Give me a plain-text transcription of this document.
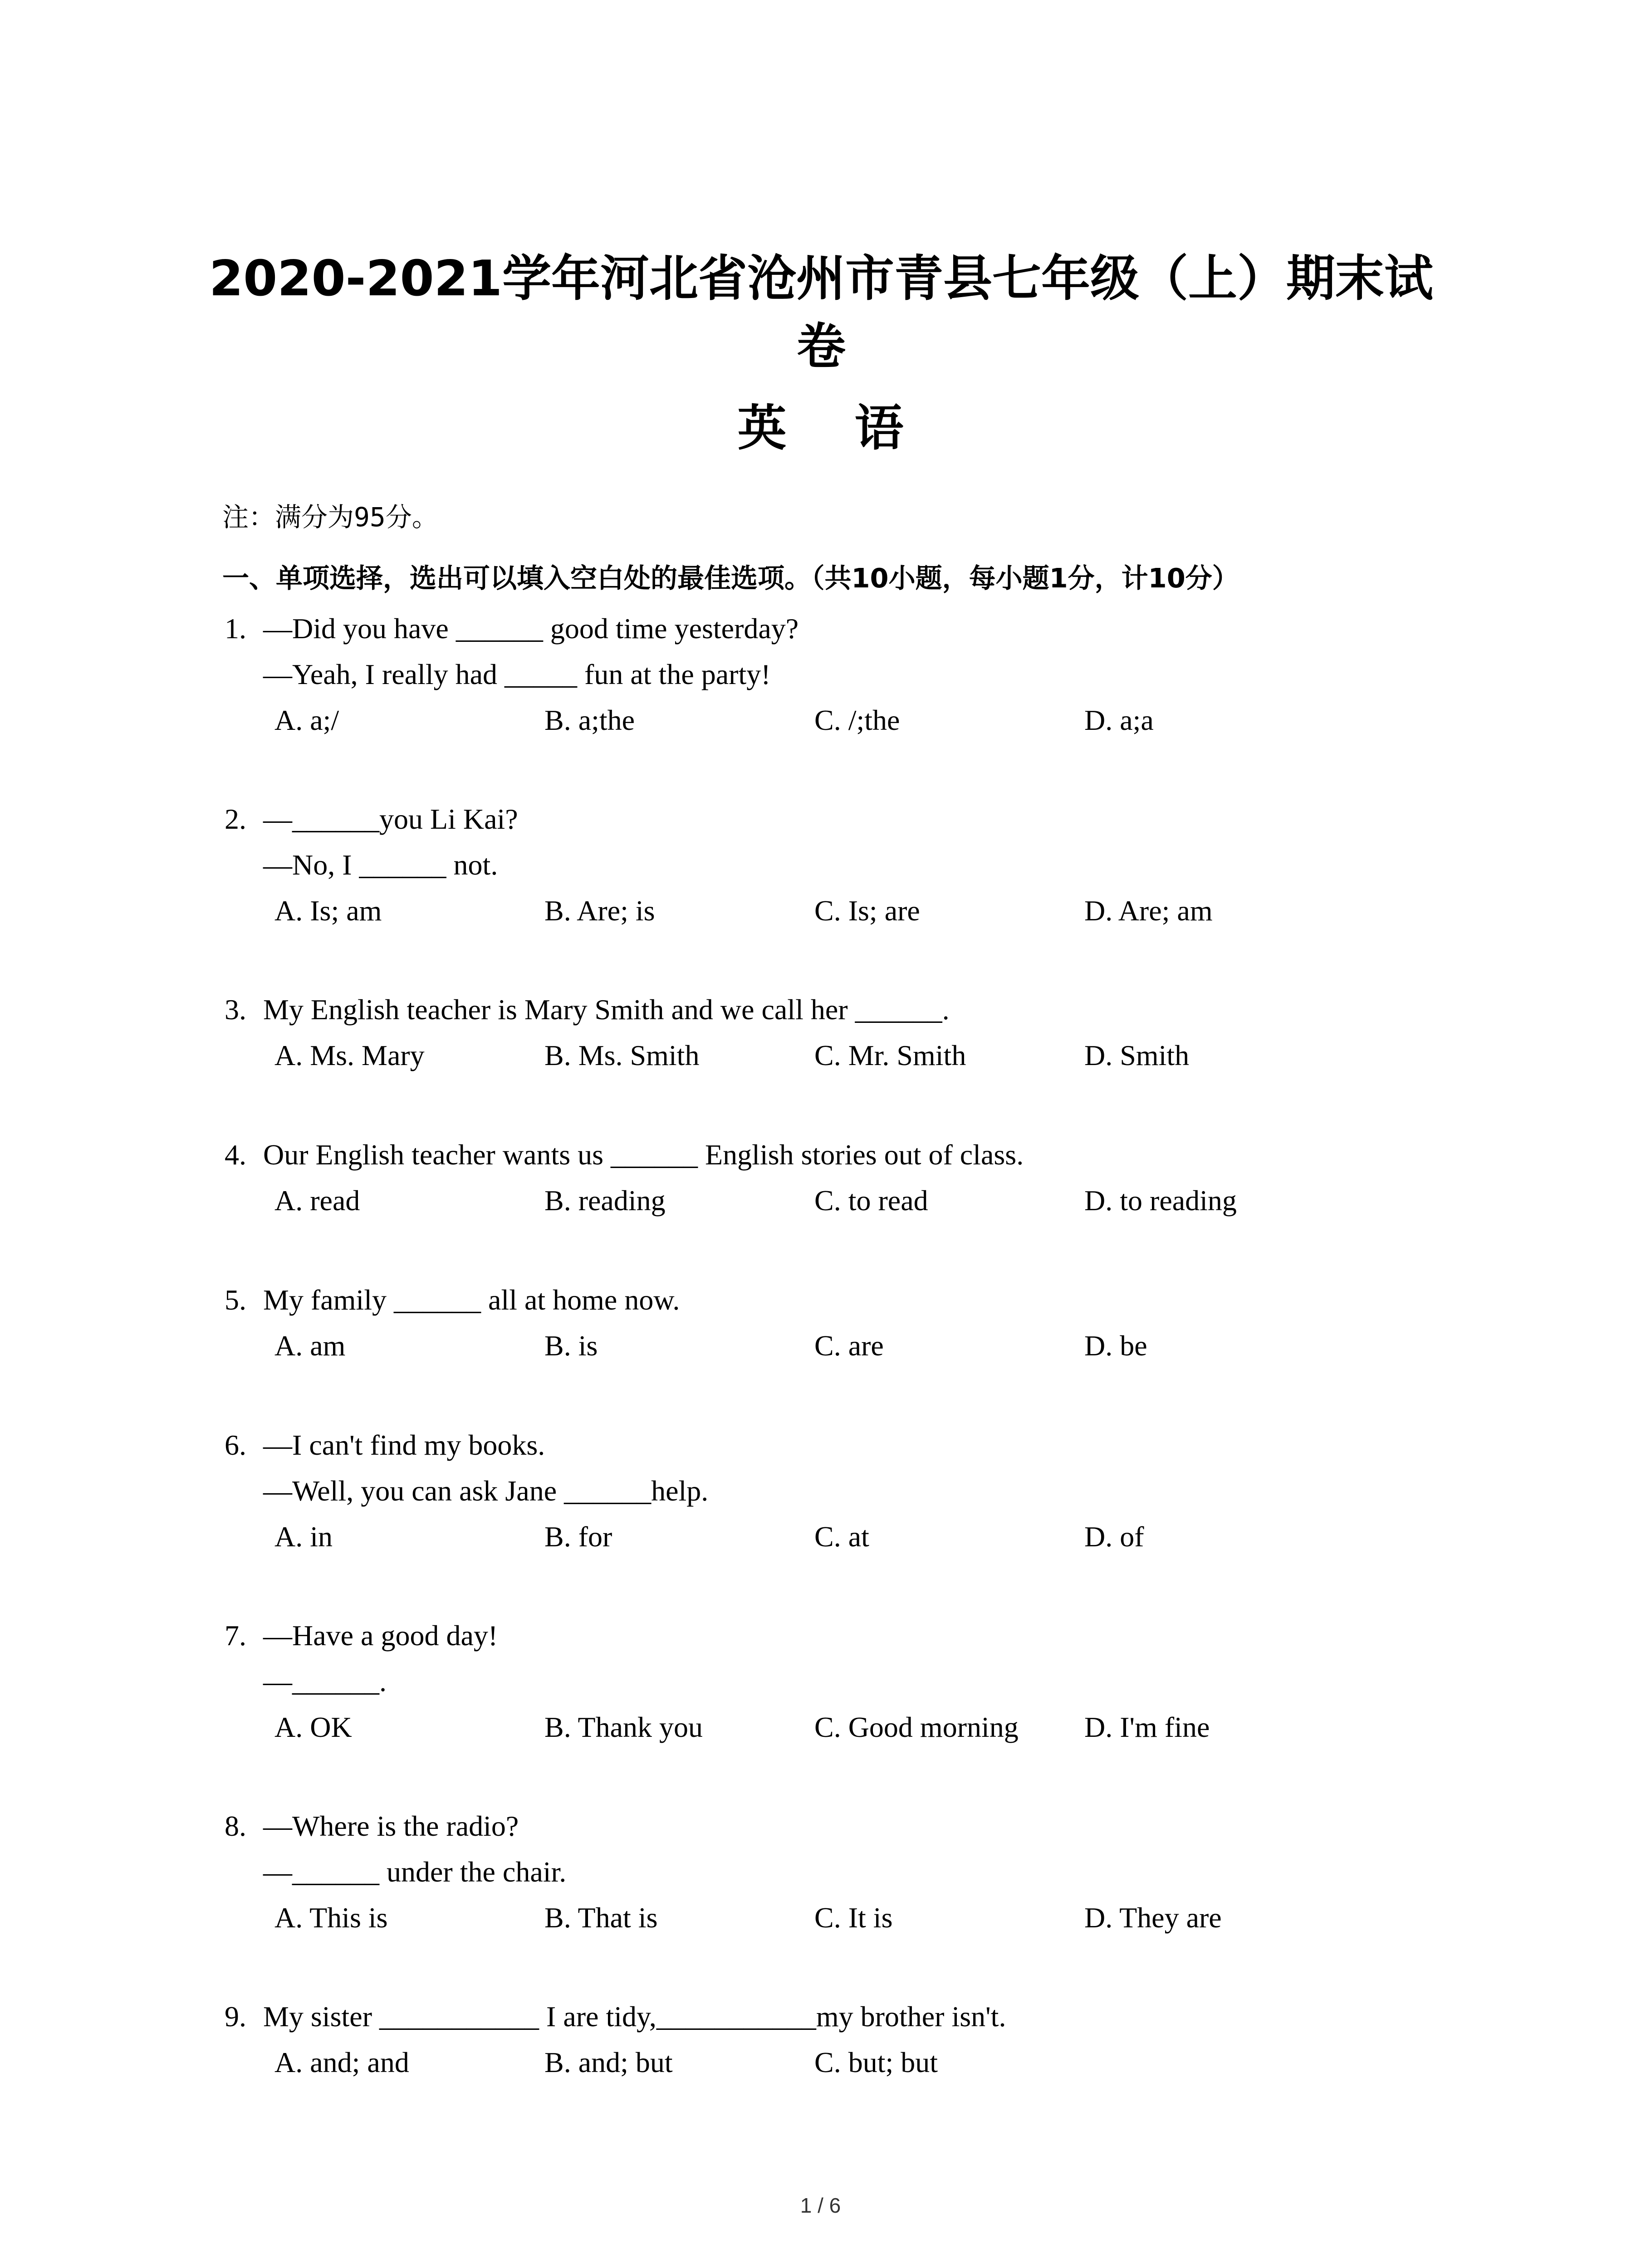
2020-2021学年河北省沧州市青县七年级（上）期末试卷
英 语
注：满分为95分。
一、单项选择，选出可以填入空白处的最佳选项。（共10小题，每小题1分，计10分）
1. —Did you have ______ good time yesterday?
—Yeah, I really had _____ fun at the party!
A. a;/	B. a;the	C. /;the	D. a;a
2. —______you Li Kai?
—No, I ______ not.
A. Is; am	B. Are; is	C. Is; are	D. Are; am
3. My English teacher is Mary Smith and we call her ______.
A. Ms. Mary	B. Ms. Smith	C. Mr. Smith	D. Smith
4. Our English teacher wants us ______ English stories out of class.
A. read	B. reading	C. to read	D. to reading
5. My family ______ all at home now.
A. am	B. is	C. are	D. be
6. —I can't find my books.
—Well, you can ask Jane ______help.
A. in	B. for	C. at	D. of
7. —Have a good day!
—______.
A. OK	B. Thank you	C. Good morning D. I'm fine
8. —Where is the radio?
—______ under the chair.
A. This is	B. That is	C. It is	D. They are
9. My sister ___________ I are tidy,___________my brother isn't.
A. and; and	B. and; but	C. but; but
1 / 6
